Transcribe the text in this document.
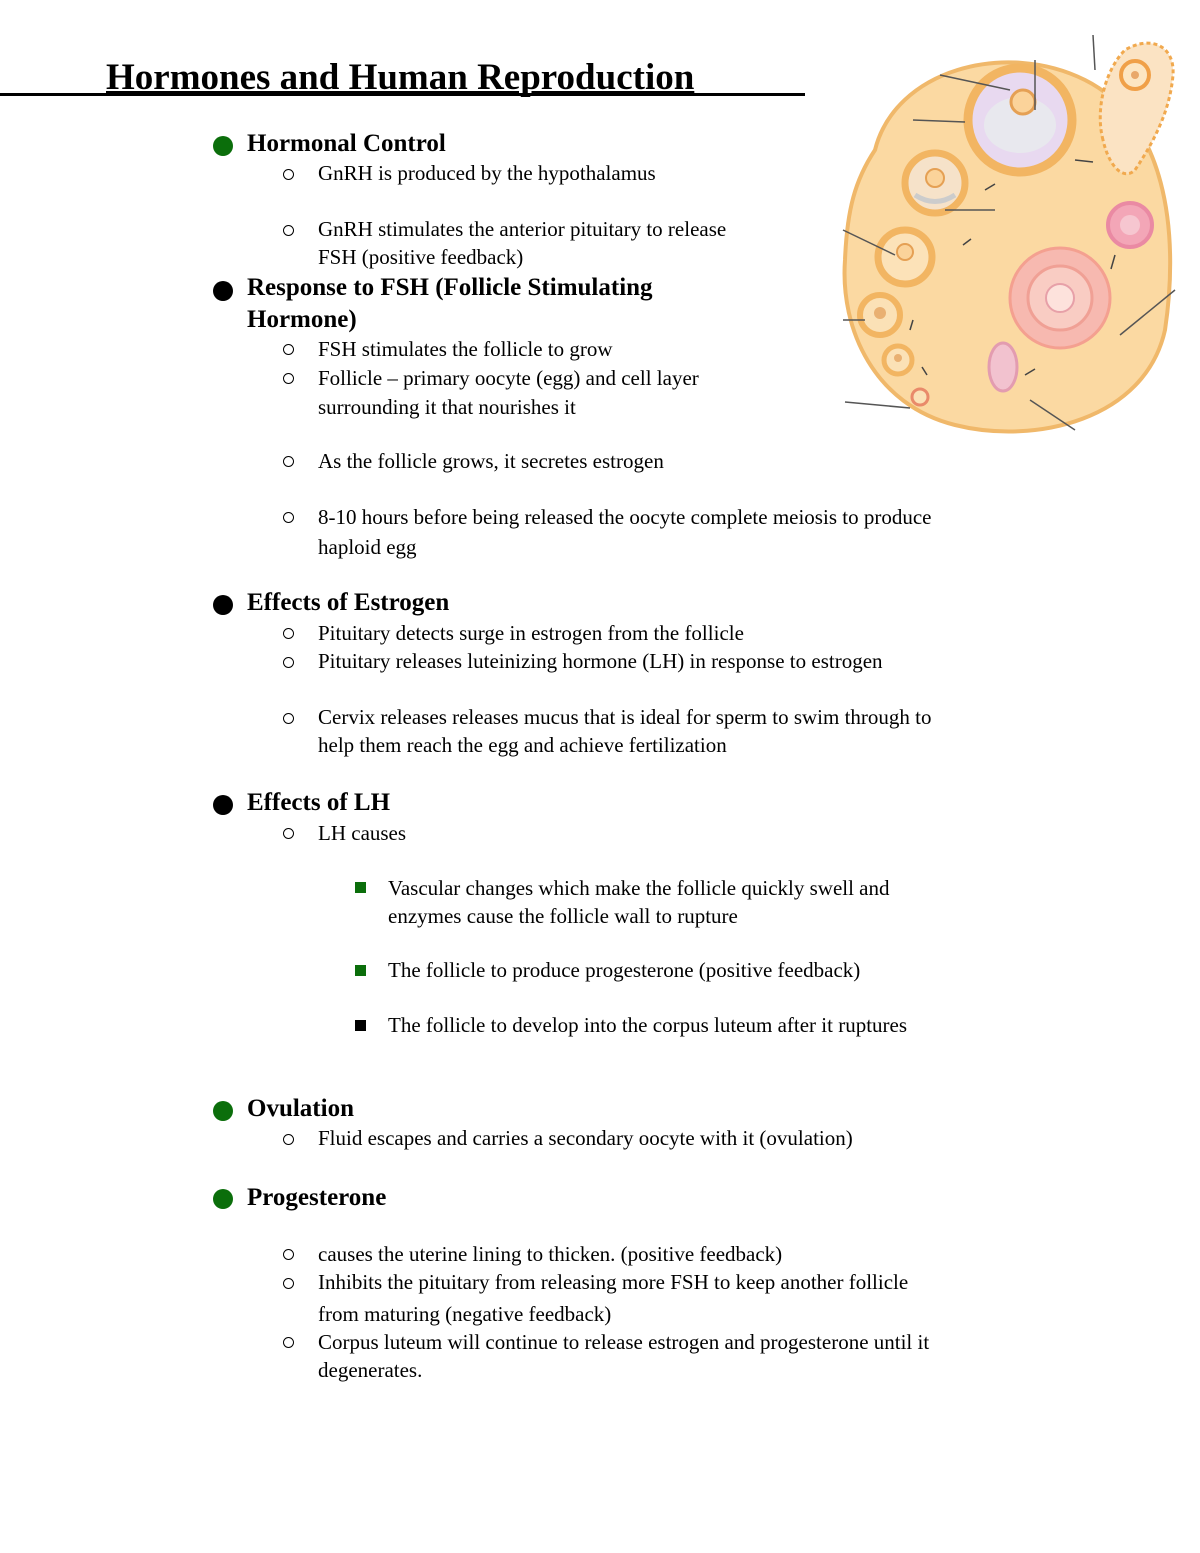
Hormones and Human Reproduction
Hormonal Control
GnRH is produced by the hypothalamus
GnRH stimulates the anterior pituitary to release
FSH (positive feedback)
Response to FSH (Follicle Stimulating
Hormone)
FSH stimulates the follicle to grow
Follicle – primary oocyte (egg) and cell layer
surrounding it that nourishes it
As the follicle grows, it secretes estrogen
8-10 hours before being released the oocyte complete meiosis to produce
haploid egg
Effects of Estrogen
Pituitary detects surge in estrogen from the follicle
Pituitary releases luteinizing hormone (LH) in response to estrogen
Cervix releases releases mucus that is ideal for sperm to swim through to
help them reach the egg and achieve fertilization
Effects of LH
LH causes
Vascular changes which make the follicle quickly swell and
enzymes cause the follicle wall to rupture
The follicle to produce progesterone (positive feedback)
The follicle to develop into the corpus luteum after it ruptures
Ovulation
Fluid escapes and carries a secondary oocyte with it (ovulation)
Progesterone
causes the uterine lining to thicken. (positive feedback)
Inhibits the pituitary from releasing more FSH to keep another follicle
from maturing (negative feedback)
Corpus luteum will continue to release estrogen and progesterone until it
degenerates.
